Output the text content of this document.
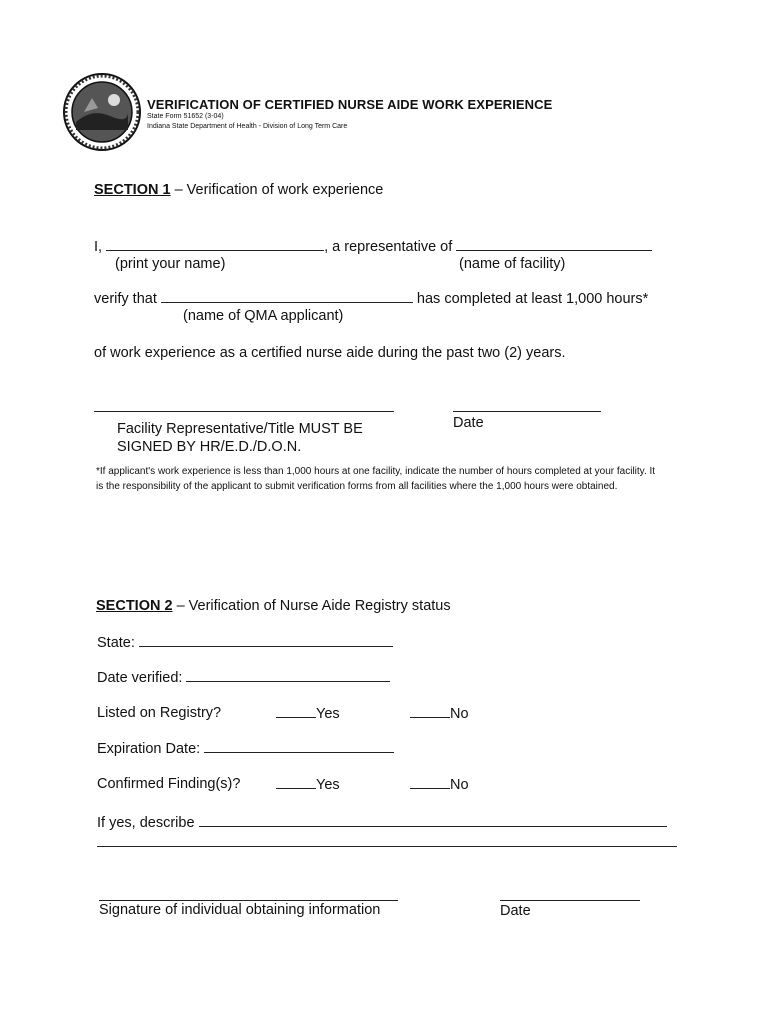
VERIFICATION OF CERTIFIED NURSE AIDE WORK EXPERIENCE
State Form 51652 (3-04)
Indiana State Department of Health - Division of Long Term Care
SECTION 1 – Verification of work experience
I,	, a representative of
(print your name)	(name of facility)
verify that	has completed at least 1,000 hours*
(name of QMA applicant)
of work experience as a certified nurse aide during the past two (2) years.
Facility Representative/Title MUST BE
SIGNED BY HR/E.D./D.O.N.
Date
*If applicant's work experience is less than 1,000 hours at one facility, indicate the number of hours completed at your facility. It is the responsibility of the applicant to submit verification forms from all facilities where the 1,000 hours were obtained.
SECTION 2 – Verification of Nurse Aide Registry status
State:
Date verified:
Listed on Registry?	Yes	No
Expiration Date:
Confirmed Finding(s)?	Yes	No
If yes, describe
Signature of individual obtaining information	Date
